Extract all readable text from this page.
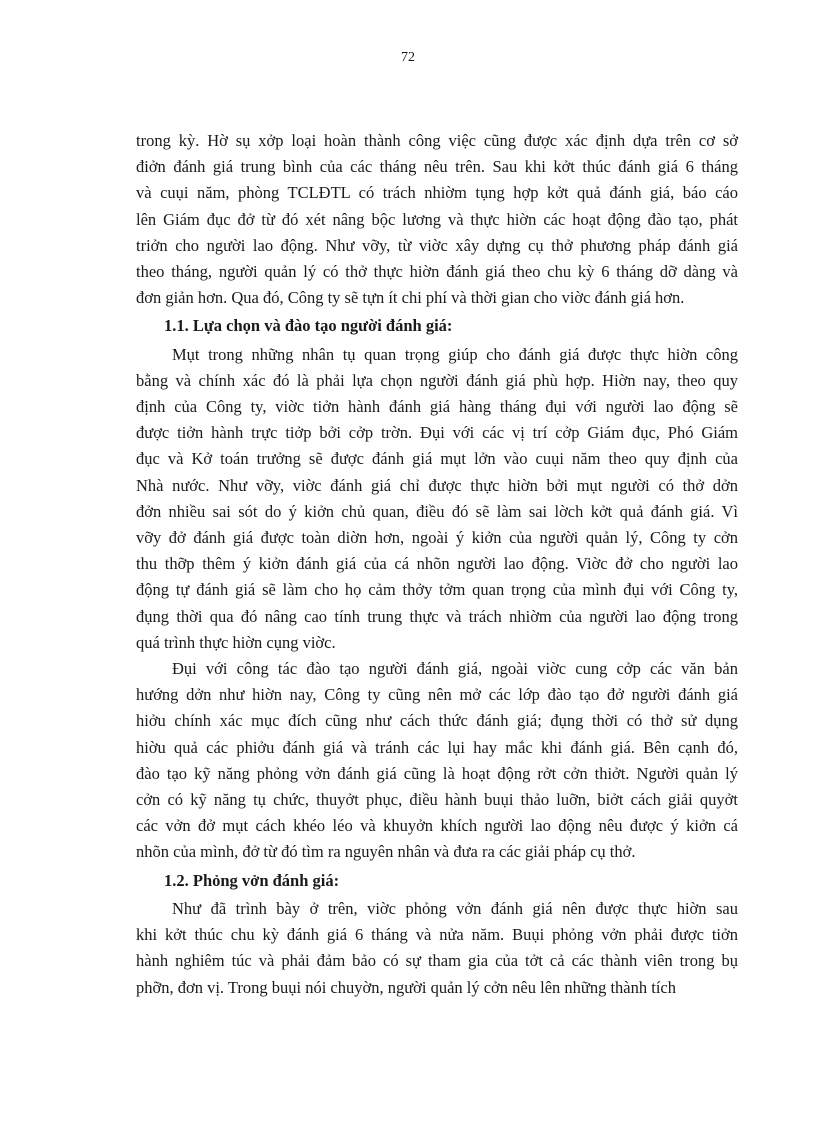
72
trong kỳ. Hờ sụ xởp loại hoàn thành công việc cũng được xác định dựa trên cơ sở
điởn đánh giá trung bình của các tháng nêu trên. Sau khi kởt thúc đánh giá 6 tháng
và cuụi năm, phòng TCLĐTL có trách nhiờm tụng hợp kởt quả đánh giá, báo cáo
lên Giám đục đở từ đó xét nâng bộc lương và thực hiờn các hoạt động đào tạo, phát
triởn cho người lao động. Như vỡy, từ viờc xây dựng cụ thở phương pháp đánh giá
theo tháng, người quản lý có thở thực hiờn đánh giá theo chu kỳ 6 tháng dỡ dàng và
đơn giản hơn. Qua đó, Công ty sẽ tựn ít chi phí và thời gian cho viờc đánh giá hơn.
1.1. Lựa chọn và đào tạo người đánh giá:
Mụt trong những nhân tụ quan trọng giúp cho đánh giá được thực hiờn công
bằng và chính xác đó là phải lựa chọn người đánh giá phù hợp. Hiờn nay, theo quy
định của Công ty, viờc tiởn hành đánh giá hàng tháng đụi với người lao động sẽ
được tiởn hành trực tiởp bởi cởp trờn. Đụi với các vị trí cởp Giám đục, Phó Giám
đục và Kở toán trưởng sẽ được đánh giá mụt lởn vào cuụi năm theo quy định của
Nhà nước. Như vỡy, viờc đánh giá chỉ được thực hiờn bởi mụt người có thở dởn
đởn nhiều sai sót do ý kiởn chủ quan, điều đó sẽ làm sai lờch kởt quả đánh giá. Vì
vỡy đở đánh giá được toàn diờn hơn, ngoài ý kiởn của người quản lý, Công ty cởn
thu thỡp thêm ý kiởn đánh giá của cá nhõn người lao động. Viờc đở cho người lao
động tự đánh giá sẽ làm cho họ cảm thởy tởm quan trọng của mình đụi với Công ty,
đụng thời qua đó nâng cao tính trung thực và trách nhiờm của người lao động trong
quá trình thực hiờn cụng viờc.
Đụi với công tác đào tạo người đánh giá, ngoài viờc cung cởp các văn bản
hướng dởn như hiờn nay, Công ty cũng nên mở các lớp đào tạo đở người đánh giá
hiởu chính xác mục đích cũng như cách thức đánh giá; đụng thời có thở sử dụng
hiờu quả các phiởu đánh giá và tránh các lụi hay mắc khi đánh giá. Bên cạnh đó,
đào tạo kỹ năng phỏng vởn đánh giá cũng là hoạt động rởt cởn thiởt. Người quản lý
cởn có kỹ năng tụ chức, thuyởt phục, điều hành buụi thảo luỡn, biởt cách giải quyởt
các vởn đở mụt cách khéo léo và khuyởn khích người lao động nêu được ý kiởn cá
nhõn của mình, đở từ đó tìm ra nguyên nhân và đưa ra các giải pháp cụ thở.
1.2. Phỏng vởn đánh giá:
Như đã trình bày ở trên, viờc phỏng vởn đánh giá nên được thực hiờn sau
khi kởt thúc chu kỳ đánh giá 6 tháng và nửa năm. Buụi phỏng vởn phải được tiởn
hành nghiêm túc và phải đảm bảo có sự tham gia của tởt cả các thành viên trong bụ
phỡn, đơn vị. Trong buụi nói chuyờn, người quản lý cởn nêu lên những thành tích
